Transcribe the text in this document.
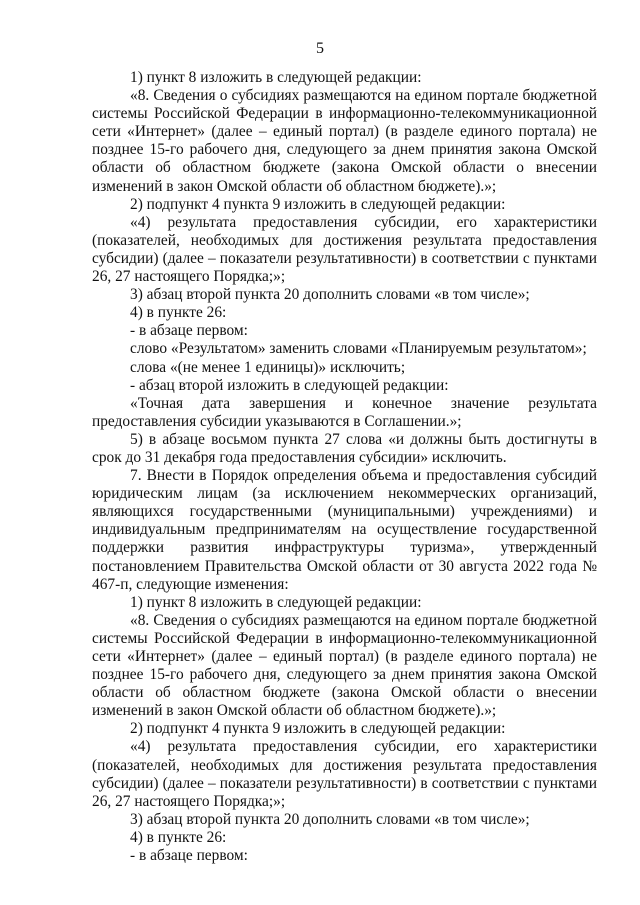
5

1) пункт 8 изложить в следующей редакции:

«8. Сведения о субсидиях размещаются на едином портале бюджетной системы Российской Федерации в информационно-телекоммуникационной сети «Интернет» (далее – единый портал) (в разделе единого портала) не позднее 15-го рабочего дня, следующего за днем принятия закона Омской области об областном бюджете (закона Омской области о внесении изменений в закон Омской области об областном бюджете).»;

2) подпункт 4 пункта 9 изложить в следующей редакции:

«4) результата предоставления субсидии, его характеристики (показателей, необходимых для достижения результата предоставления субсидии) (далее – показатели результативности) в соответствии с пунктами 26, 27 настоящего Порядка;»;

3) абзац второй пункта 20 дополнить словами «в том числе»;

4) в пункте 26:

- в абзаце первом:

слово «Результатом» заменить словами «Планируемым результатом»;

слова «(не менее 1 единицы)» исключить;

- абзац второй изложить в следующей редакции:

«Точная дата завершения и конечное значение результата предоставления субсидии указываются в Соглашении.»;

5) в абзаце восьмом пункта 27 слова «и должны быть достигнуты в срок до 31 декабря года предоставления субсидии» исключить.

7. Внести в Порядок определения объема и предоставления субсидий юридическим лицам (за исключением некоммерческих организаций, являющихся государственными (муниципальными) учреждениями) и индивидуальным предпринимателям на осуществление государственной поддержки развития инфраструктуры туризма», утвержденный постановлением Правительства Омской области от 30 августа 2022 года № 467-п, следующие изменения:

1) пункт 8 изложить в следующей редакции:

«8. Сведения о субсидиях размещаются на едином портале бюджетной системы Российской Федерации в информационно-телекоммуникационной сети «Интернет» (далее – единый портал) (в разделе единого портала) не позднее 15-го рабочего дня, следующего за днем принятия закона Омской области об областном бюджете (закона Омской области о внесении изменений в закон Омской области об областном бюджете).»;

2) подпункт 4 пункта 9 изложить в следующей редакции:

«4) результата предоставления субсидии, его характеристики (показателей, необходимых для достижения результата предоставления субсидии) (далее – показатели результативности) в соответствии с пунктами 26, 27 настоящего Порядка;»;

3) абзац второй пункта 20 дополнить словами «в том числе»;

4) в пункте 26:

- в абзаце первом:
